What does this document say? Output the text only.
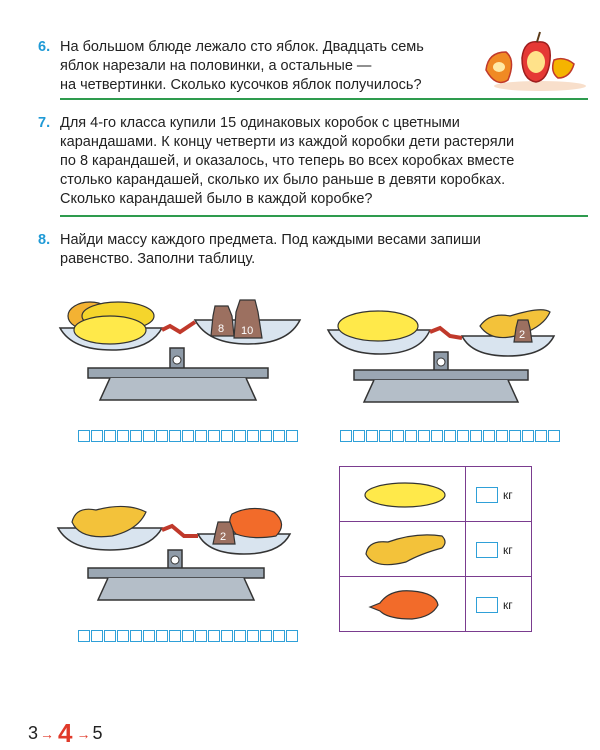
6. На большом блюде лежало сто яблок. Двадцать семь
яблок нарезали на половинки, а остальные —
на четвертинки. Сколько кусочков яблок получилось?
7. Для 4-го класса купили 15 одинаковых коробок с цветными
карандашами. К концу четверти из каждой коробки дети растеряли
по 8 карандашей, и оказалось, что теперь во всех коробках вместе
столько карандашей, сколько их было раньше в девяти коробках.
Сколько карандашей было в каждой коробке?
8. Найди массу каждого предмета. Под каждыми весами запиши
равенство. Заполни таблицу.
8 10	2
2
кг
кг
кг
3 → 4 → 5
